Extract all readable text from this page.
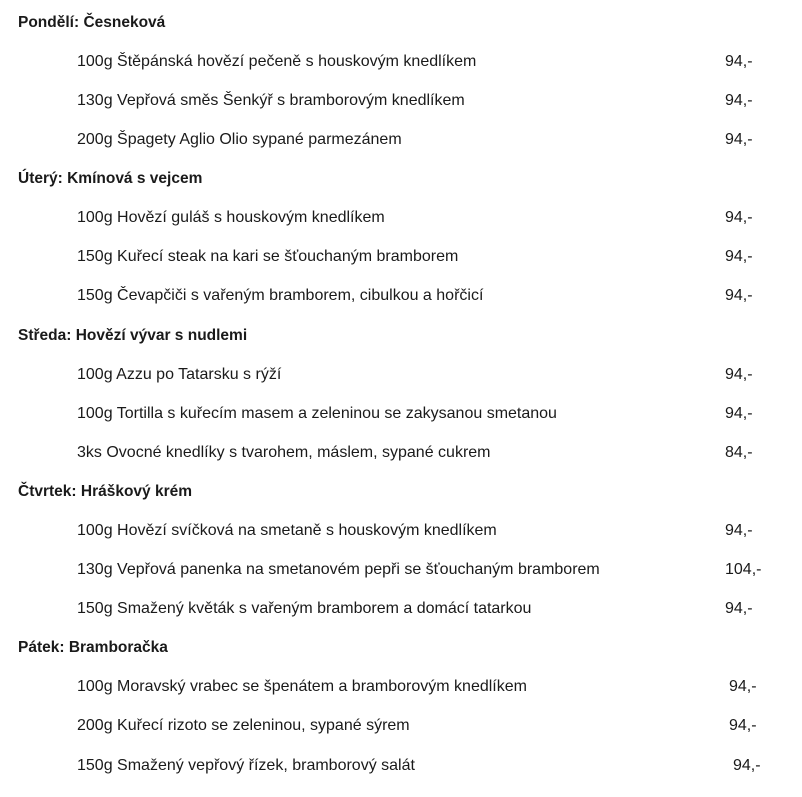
Pondělí: Česneková
100g Štěpánská hovězí pečeně s houskovým knedlíkem	94,-
130g Vepřová směs Šenkýř s bramborovým knedlíkem	94,-
200g Špagety Aglio Olio sypané parmezánem	94,-
Úterý: Kmínová s vejcem
100g Hovězí guláš s houskovým knedlíkem	94,-
150g Kuřecí steak na kari se šťouchaným bramborem	94,-
150g Čevapčiči s vařeným bramborem, cibulkou a hořčicí	94,-
Středa: Hovězí vývar s nudlemi
100g Azzu po Tatarsku s rýží	94,-
100g Tortilla s kuřecím masem a zeleninou se zakysanou smetanou	94,-
3ks Ovocné knedlíky s tvarohem, máslem, sypané cukrem	84,-
Čtvrtek: Hráškový krém
100g Hovězí svíčková na smetaně s houskovým knedlíkem	94,-
130g Vepřová panenka na smetanovém pepři se šťouchaným bramborem	104,-
150g Smažený květák s vařeným bramborem a domácí tatarkou	94,-
Pátek: Bramboračka
100g Moravský vrabec se špenátem a bramborovým knedlíkem	94,-
200g Kuřecí rizoto se zeleninou, sypané sýrem	94,-
150g Smažený vepřový řízek, bramborový salát	94,-
